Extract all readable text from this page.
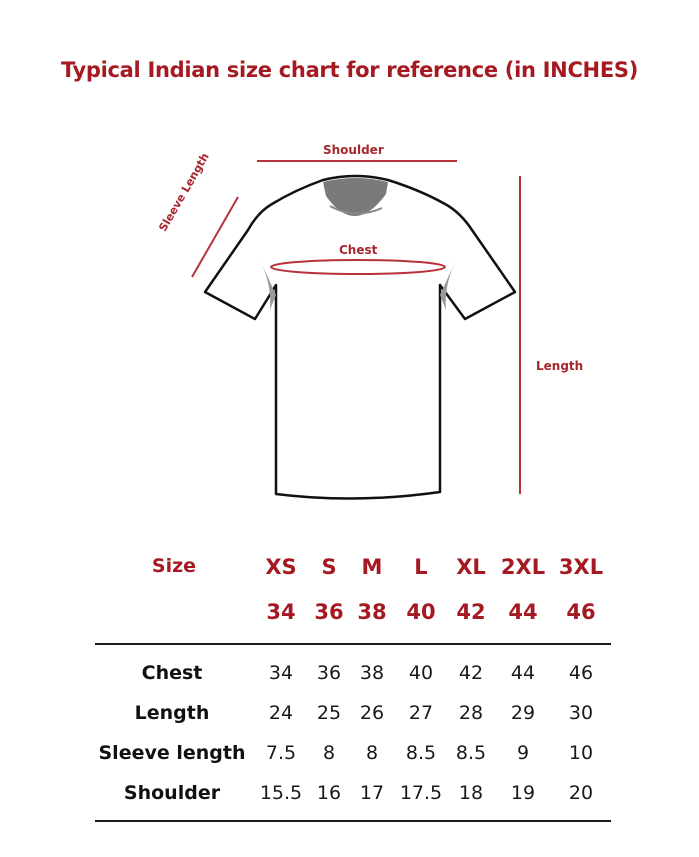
Typical Indian size chart for reference (in INCHES)
Shoulder
Chest
Length
Sleeve Length
Size	XS S M L XL 2XL 3XL
34 36 38 40 42 44 46
Chest	34 36 38 40 42 44 46
Length	24 25 26 27 28 29 30
Sleeve length 7.5 8 8 8.5 8.5 9 10
Shoulder 15.5 16 17 17.5 18 19 20
